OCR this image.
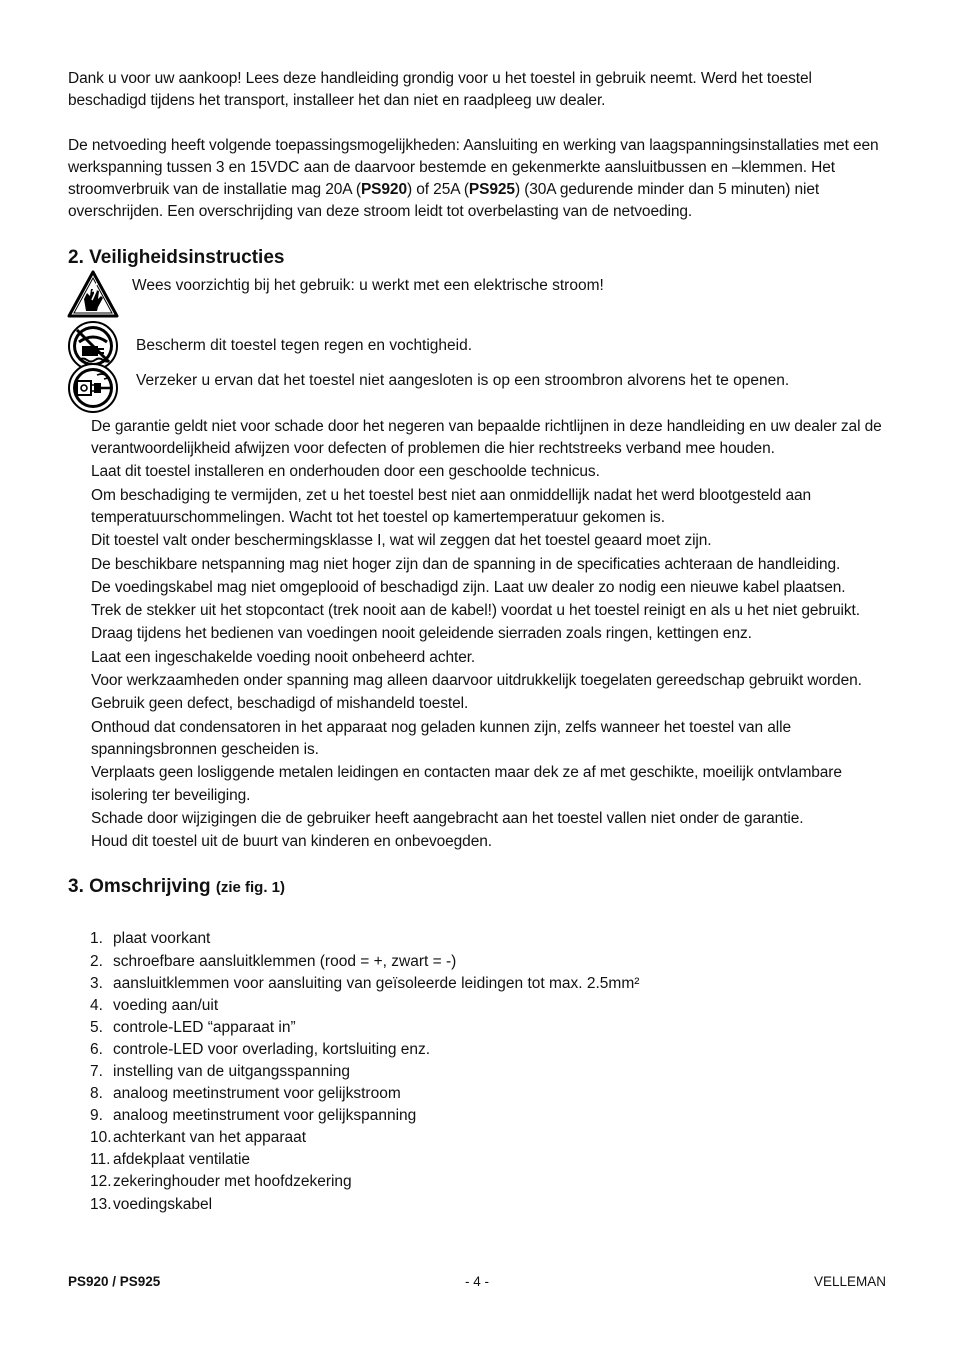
Dank u voor uw aankoop! Lees deze handleiding grondig voor u het toestel in gebruik neemt. Werd het toestel beschadigd tijdens het transport, installeer het dan niet en raadpleeg uw dealer.

De netvoeding heeft volgende toepassingsmogelijkheden: Aansluiting en werking van laagspanningsinstallaties met een werkspanning tussen 3 en 15VDC aan de daarvoor bestemde en gekenmerkte aansluitbussen en –klemmen. Het stroomverbruik van de installatie mag 20A (PS920) of 25A (PS925) (30A gedurende minder dan 5 minuten) niet overschrijden. Een overschrijding van deze stroom leidt tot overbelasting van de netvoeding.

2. Veiligheidsinstructies
Wees voorzichtig bij het gebruik: u werkt met een elektrische stroom!
Bescherm dit toestel tegen regen en vochtigheid.
Verzeker u ervan dat het toestel niet aangesloten is op een stroombron alvorens het te openen.

De garantie geldt niet voor schade door het negeren van bepaalde richtlijnen in deze handleiding en uw dealer zal de verantwoordelijkheid afwijzen voor defecten of problemen die hier rechtstreeks verband mee houden.

Laat dit toestel installeren en onderhouden door een geschoolde technicus.

Om beschadiging te vermijden, zet u het toestel best niet aan onmiddellijk nadat het werd blootgesteld aan temperatuurschommelingen. Wacht tot het toestel op kamertemperatuur gekomen is.

Dit toestel valt onder beschermingsklasse I, wat wil zeggen dat het toestel geaard moet zijn.

De beschikbare netspanning mag niet hoger zijn dan de spanning in de specificaties achteraan de handleiding.

De voedingskabel mag niet omgeplooid of beschadigd zijn. Laat uw dealer zo nodig een nieuwe kabel plaatsen.

Trek de stekker uit het stopcontact (trek nooit aan de kabel!) voordat u het toestel reinigt en als u het niet gebruikt.

Draag tijdens het bedienen van voedingen nooit geleidende sierraden zoals ringen, kettingen enz.

Laat een ingeschakelde voeding nooit onbeheerd achter.

Voor werkzaamheden onder spanning mag alleen daarvoor uitdrukkelijk toegelaten gereedschap gebruikt worden.

Gebruik geen defect, beschadigd of mishandeld toestel.

Onthoud dat condensatoren in het apparaat nog geladen kunnen zijn, zelfs wanneer het toestel van alle spanningsbronnen gescheiden is.

Verplaats geen losliggende metalen leidingen en contacten maar dek ze af met geschikte, moeilijk ontvlambare isolering ter beveiliging.

Schade door wijzigingen die de gebruiker heeft aangebracht aan het toestel vallen niet onder de garantie.

Houd dit toestel uit de buurt van kinderen en onbevoegden.

3. Omschrijving (zie fig. 1)
1. plaat voorkant
2. schroefbare aansluitklemmen (rood = +, zwart = -)
3. aansluitklemmen voor aansluiting van geïsoleerde leidingen tot max. 2.5mm²
4. voeding aan/uit
5. controle-LED “apparaat in”
6. controle-LED voor overlading, kortsluiting enz.
7. instelling van de uitgangsspanning
8. analoog meetinstrument voor gelijkstroom
9. analoog meetinstrument voor gelijkspanning
10. achterkant van het apparaat
11. afdekplaat ventilatie
12. zekeringhouder met hoofdzekering
13. voedingskabel
PS920 / PS925	- 4 -	VELLEMAN
